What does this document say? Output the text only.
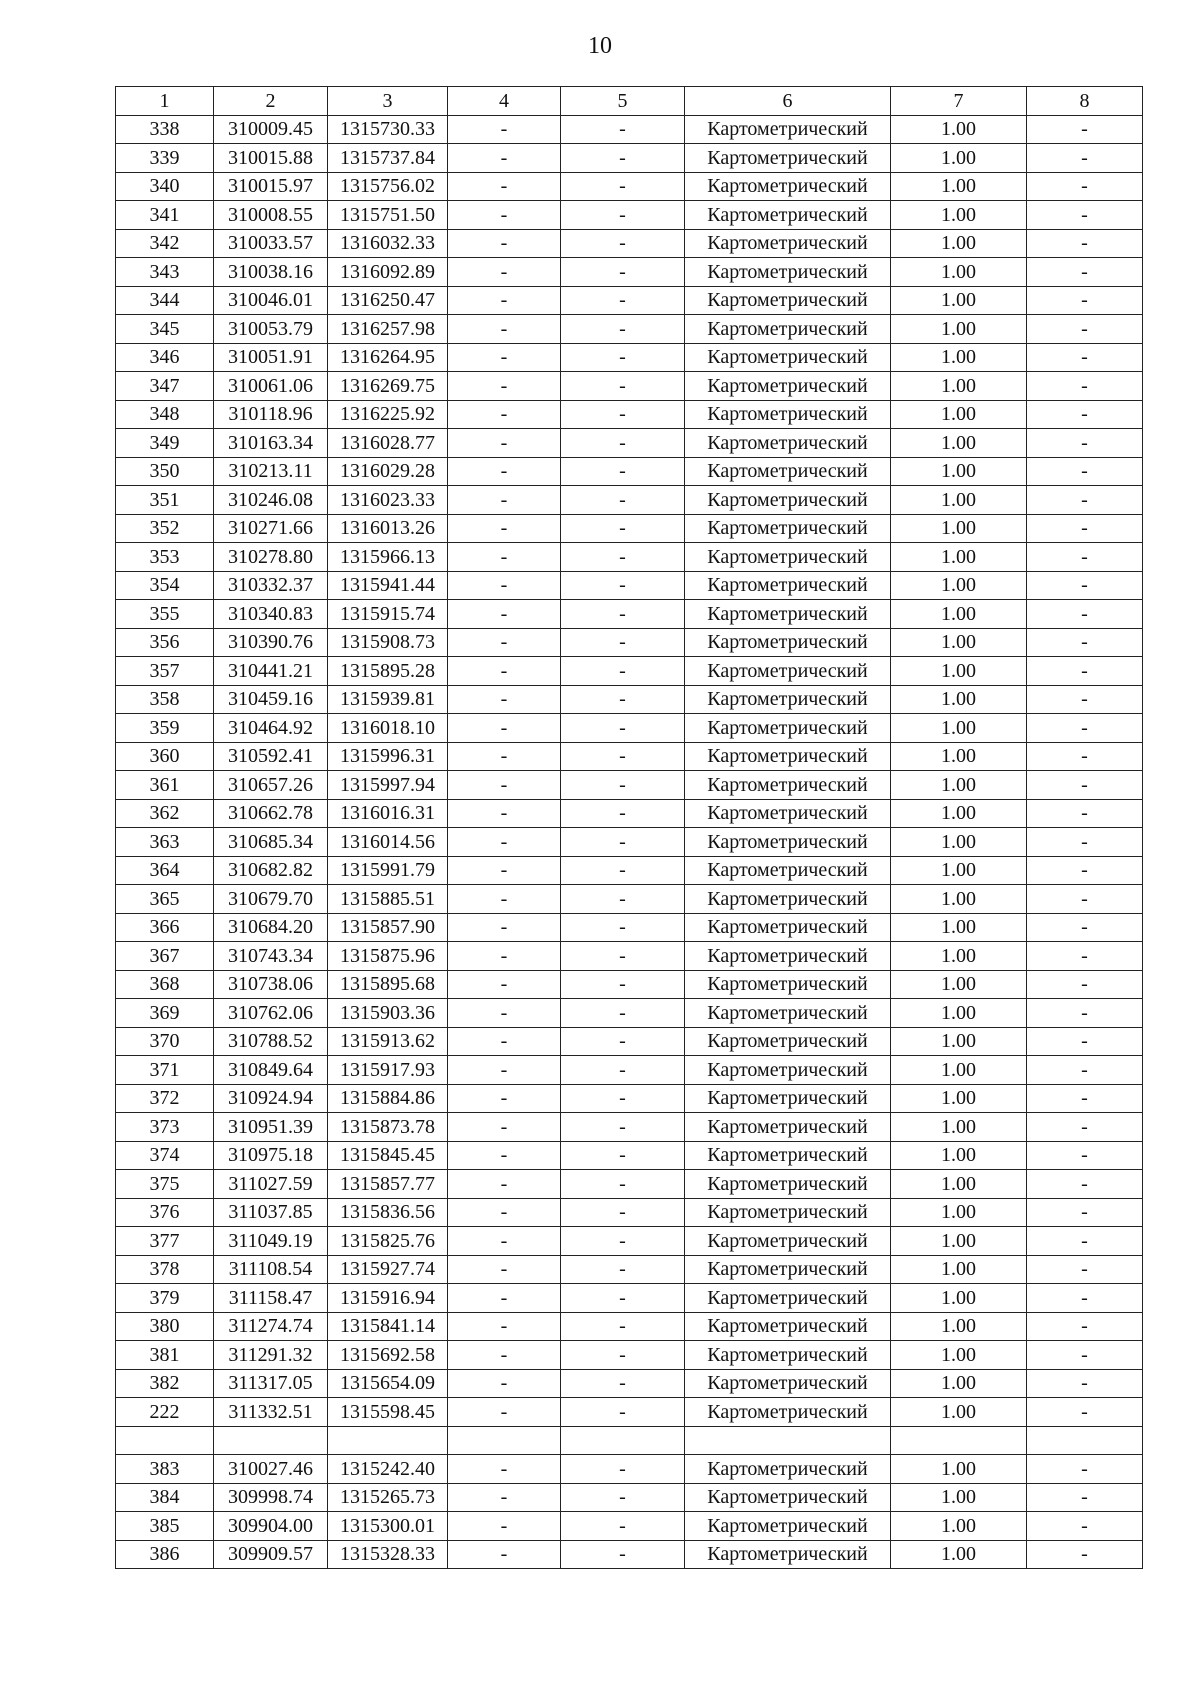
10
1	2	3	4	5	6	7	8
338	310009.45	1315730.33	-	-	Картометрический	1.00	-
339	310015.88	1315737.84	-	-	Картометрический	1.00	-
340	310015.97	1315756.02	-	-	Картометрический	1.00	-
341	310008.55	1315751.50	-	-	Картометрический	1.00	-
342	310033.57	1316032.33	-	-	Картометрический	1.00	-
343	310038.16	1316092.89	-	-	Картометрический	1.00	-
344	310046.01	1316250.47	-	-	Картометрический	1.00	-
345	310053.79	1316257.98	-	-	Картометрический	1.00	-
346	310051.91	1316264.95	-	-	Картометрический	1.00	-
347	310061.06	1316269.75	-	-	Картометрический	1.00	-
348	310118.96	1316225.92	-	-	Картометрический	1.00	-
349	310163.34	1316028.77	-	-	Картометрический	1.00	-
350	310213.11	1316029.28	-	-	Картометрический	1.00	-
351	310246.08	1316023.33	-	-	Картометрический	1.00	-
352	310271.66	1316013.26	-	-	Картометрический	1.00	-
353	310278.80	1315966.13	-	-	Картометрический	1.00	-
354	310332.37	1315941.44	-	-	Картометрический	1.00	-
355	310340.83	1315915.74	-	-	Картометрический	1.00	-
356	310390.76	1315908.73	-	-	Картометрический	1.00	-
357	310441.21	1315895.28	-	-	Картометрический	1.00	-
358	310459.16	1315939.81	-	-	Картометрический	1.00	-
359	310464.92	1316018.10	-	-	Картометрический	1.00	-
360	310592.41	1315996.31	-	-	Картометрический	1.00	-
361	310657.26	1315997.94	-	-	Картометрический	1.00	-
362	310662.78	1316016.31	-	-	Картометрический	1.00	-
363	310685.34	1316014.56	-	-	Картометрический	1.00	-
364	310682.82	1315991.79	-	-	Картометрический	1.00	-
365	310679.70	1315885.51	-	-	Картометрический	1.00	-
366	310684.20	1315857.90	-	-	Картометрический	1.00	-
367	310743.34	1315875.96	-	-	Картометрический	1.00	-
368	310738.06	1315895.68	-	-	Картометрический	1.00	-
369	310762.06	1315903.36	-	-	Картометрический	1.00	-
370	310788.52	1315913.62	-	-	Картометрический	1.00	-
371	310849.64	1315917.93	-	-	Картометрический	1.00	-
372	310924.94	1315884.86	-	-	Картометрический	1.00	-
373	310951.39	1315873.78	-	-	Картометрический	1.00	-
374	310975.18	1315845.45	-	-	Картометрический	1.00	-
375	311027.59	1315857.77	-	-	Картометрический	1.00	-
376	311037.85	1315836.56	-	-	Картометрический	1.00	-
377	311049.19	1315825.76	-	-	Картометрический	1.00	-
378	311108.54	1315927.74	-	-	Картометрический	1.00	-
379	311158.47	1315916.94	-	-	Картометрический	1.00	-
380	311274.74	1315841.14	-	-	Картометрический	1.00	-
381	311291.32	1315692.58	-	-	Картометрический	1.00	-
382	311317.05	1315654.09	-	-	Картометрический	1.00	-
222	311332.51	1315598.45	-	-	Картометрический	1.00	-

383	310027.46	1315242.40	-	-	Картометрический	1.00	-
384	309998.74	1315265.73	-	-	Картометрический	1.00	-
385	309904.00	1315300.01	-	-	Картометрический	1.00	-
386	309909.57	1315328.33	-	-	Картометрический	1.00	-
